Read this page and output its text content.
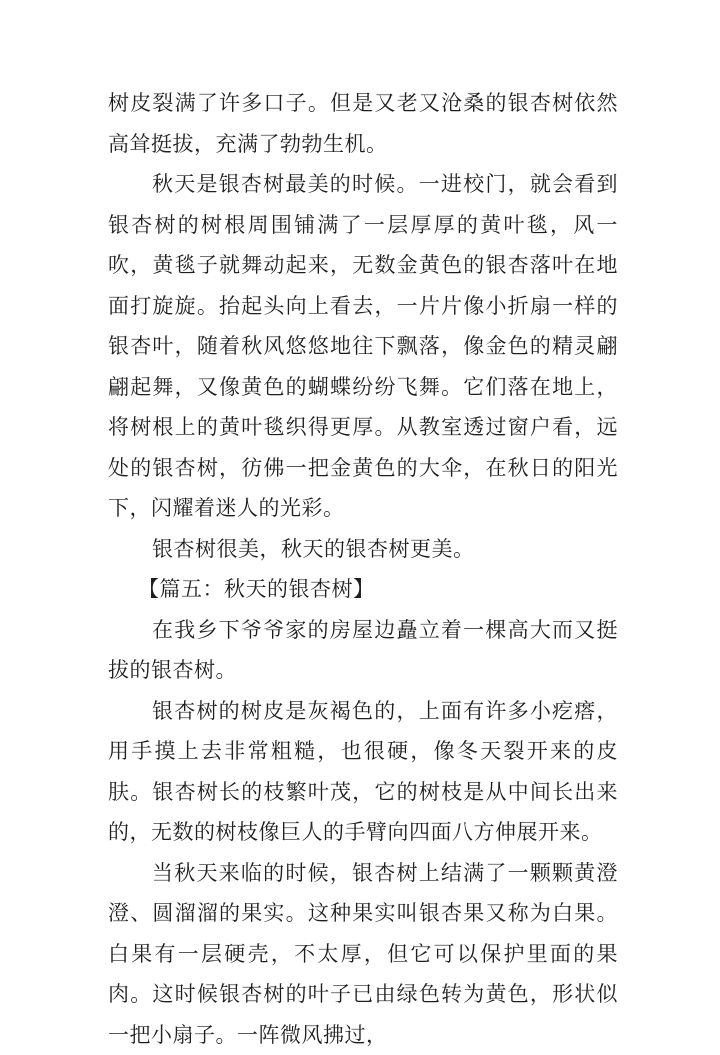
树皮裂满了许多口子。但是又老又沧桑的银杏树依然高耸挺拔，充满了勃勃生机。

秋天是银杏树最美的时候。一进校门，就会看到银杏树的树根周围铺满了一层厚厚的黄叶毯，风一吹，黄毯子就舞动起来，无数金黄色的银杏落叶在地面打旋旋。抬起头向上看去，一片片像小折扇一样的银杏叶，随着秋风悠悠地往下飘落，像金色的精灵翩翩起舞，又像黄色的蝴蝶纷纷飞舞。它们落在地上，将树根上的黄叶毯织得更厚。从教室透过窗户看，远处的银杏树，彷佛一把金黄色的大伞，在秋日的阳光下，闪耀着迷人的光彩。

银杏树很美，秋天的银杏树更美。

【篇五：秋天的银杏树】

在我乡下爷爷家的房屋边矗立着一棵高大而又挺拔的银杏树。

银杏树的树皮是灰褐色的，上面有许多小疙瘩，用手摸上去非常粗糙，也很硬，像冬天裂开来的皮肤。银杏树长的枝繁叶茂，它的树枝是从中间长出来的，无数的树枝像巨人的手臂向四面八方伸展开来。

当秋天来临的时候，银杏树上结满了一颗颗黄澄澄、圆溜溜的果实。这种果实叫银杏果又称为白果。白果有一层硬壳，不太厚，但它可以保护里面的果肉。这时候银杏树的叶子已由绿色转为黄色，形状似一把小扇子。一阵微风拂过，
